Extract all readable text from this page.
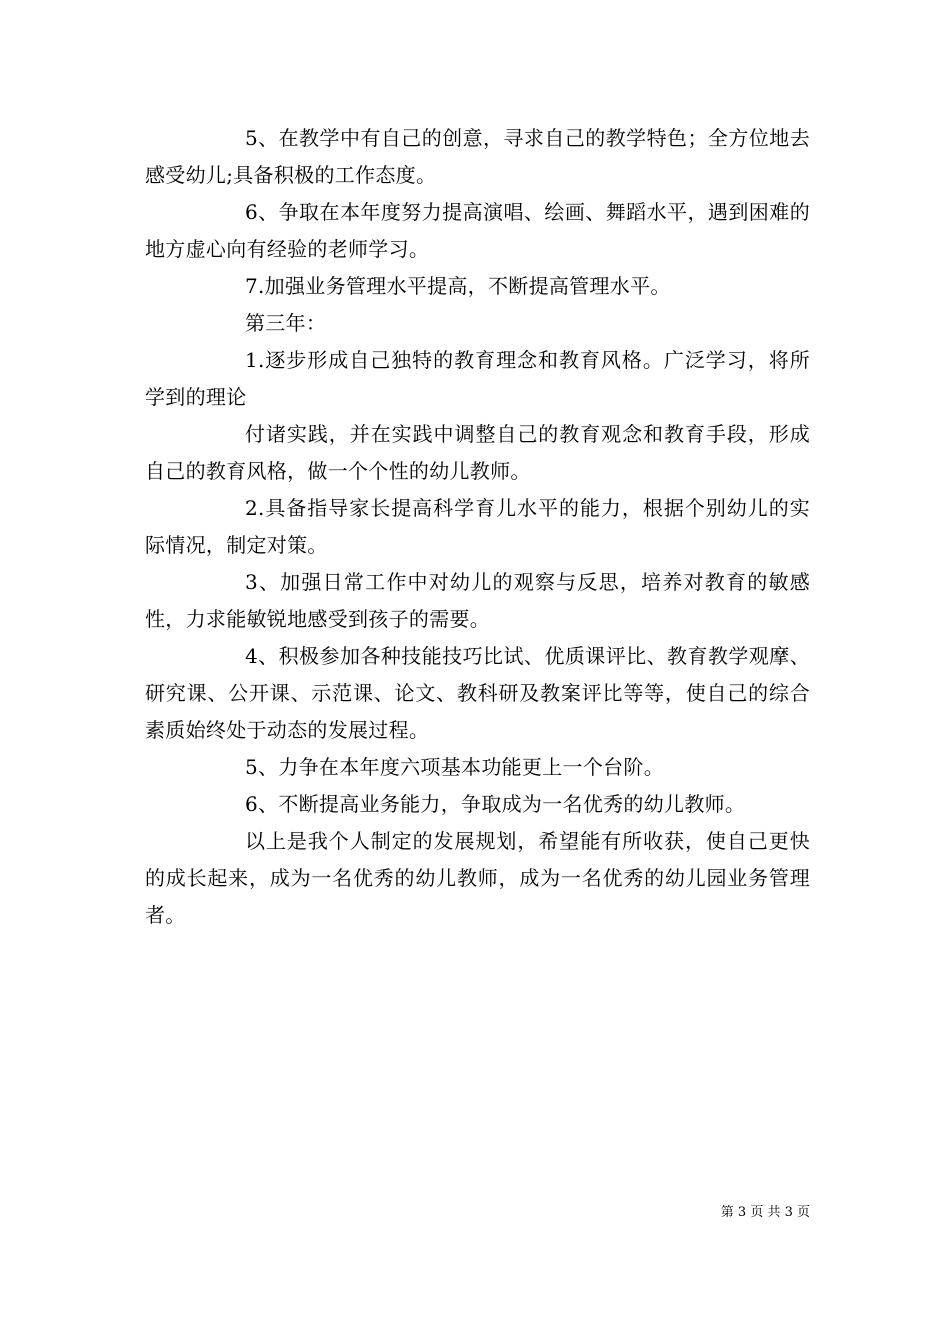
5、在教学中有自己的创意，寻求自己的教学特色；全方位地去感受幼儿;具备积极的工作态度。

6、争取在本年度努力提高演唱、绘画、舞蹈水平，遇到困难的地方虚心向有经验的老师学习。

7.加强业务管理水平提高，不断提高管理水平。

第三年：

1.逐步形成自己独特的教育理念和教育风格。广泛学习，将所学到的理论

付诸实践，并在实践中调整自己的教育观念和教育手段，形成自己的教育风格，做一个个性的幼儿教师。

2.具备指导家长提高科学育儿水平的能力，根据个别幼儿的实际情况，制定对策。

3、加强日常工作中对幼儿的观察与反思，培养对教育的敏感性，力求能敏锐地感受到孩子的需要。

4、积极参加各种技能技巧比试、优质课评比、教育教学观摩、研究课、公开课、示范课、论文、教科研及教案评比等等，使自己的综合素质始终处于动态的发展过程。

5、力争在本年度六项基本功能更上一个台阶。

6、不断提高业务能力，争取成为一名优秀的幼儿教师。

以上是我个人制定的发展规划，希望能有所收获，使自己更快的成长起来，成为一名优秀的幼儿教师，成为一名优秀的幼儿园业务管理者。

第 3 页 共 3 页
